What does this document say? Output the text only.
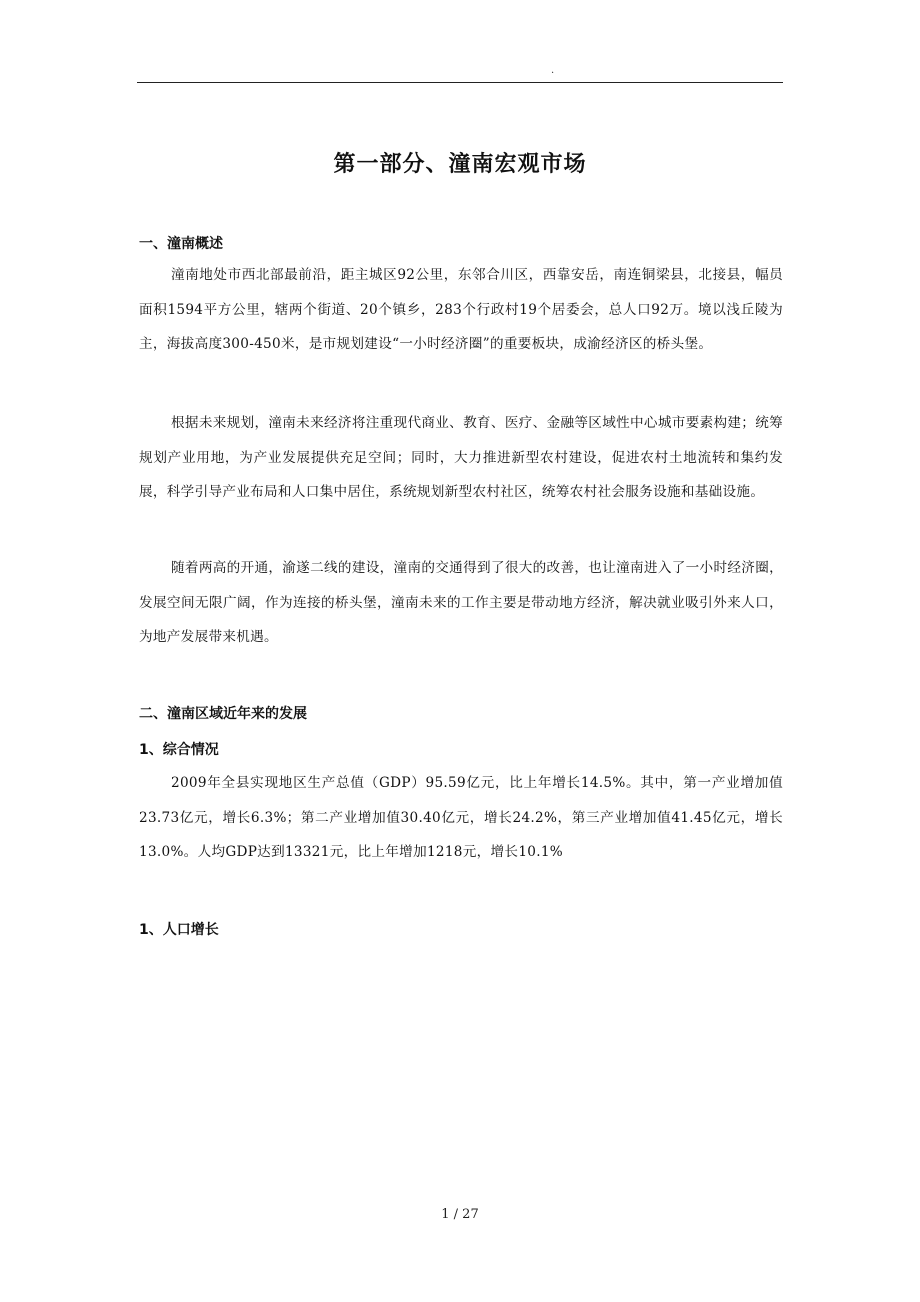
.
第一部分、潼南宏观市场
一、潼南概述
潼南地处市西北部最前沿，距主城区92公里，东邻合川区，西靠安岳，南连铜梁县，北接县，幅员面积1594平方公里，辖两个街道、20个镇乡，283个行政村19个居委会，总人口92万。境以浅丘陵为主，海拔高度300-450米，是市规划建设“一小时经济圈”的重要板块，成渝经济区的桥头堡。
根据未来规划，潼南未来经济将注重现代商业、教育、医疗、金融等区域性中心城市要素构建；统筹规划产业用地，为产业发展提供充足空间；同时，大力推进新型农村建设，促进农村土地流转和集约发展，科学引导产业布局和人口集中居住，系统规划新型农村社区，统筹农村社会服务设施和基础设施。
随着两高的开通，渝遂二线的建设，潼南的交通得到了很大的改善，也让潼南进入了一小时经济圈，发展空间无限广阔，作为连接的桥头堡，潼南未来的工作主要是带动地方经济，解决就业吸引外来人口，为地产发展带来机遇。
二、潼南区域近年来的发展
1、综合情况
2009年全县实现地区生产总值（GDP）95.59亿元，比上年增长14.5%。其中，第一产业增加值23.73亿元，增长6.3%；第二产业增加值30.40亿元，增长24.2%，第三产业增加值41.45亿元，增长13.0%。人均GDP达到13321元，比上年增加1218元，增长10.1%
1、人口增长
1 / 27
